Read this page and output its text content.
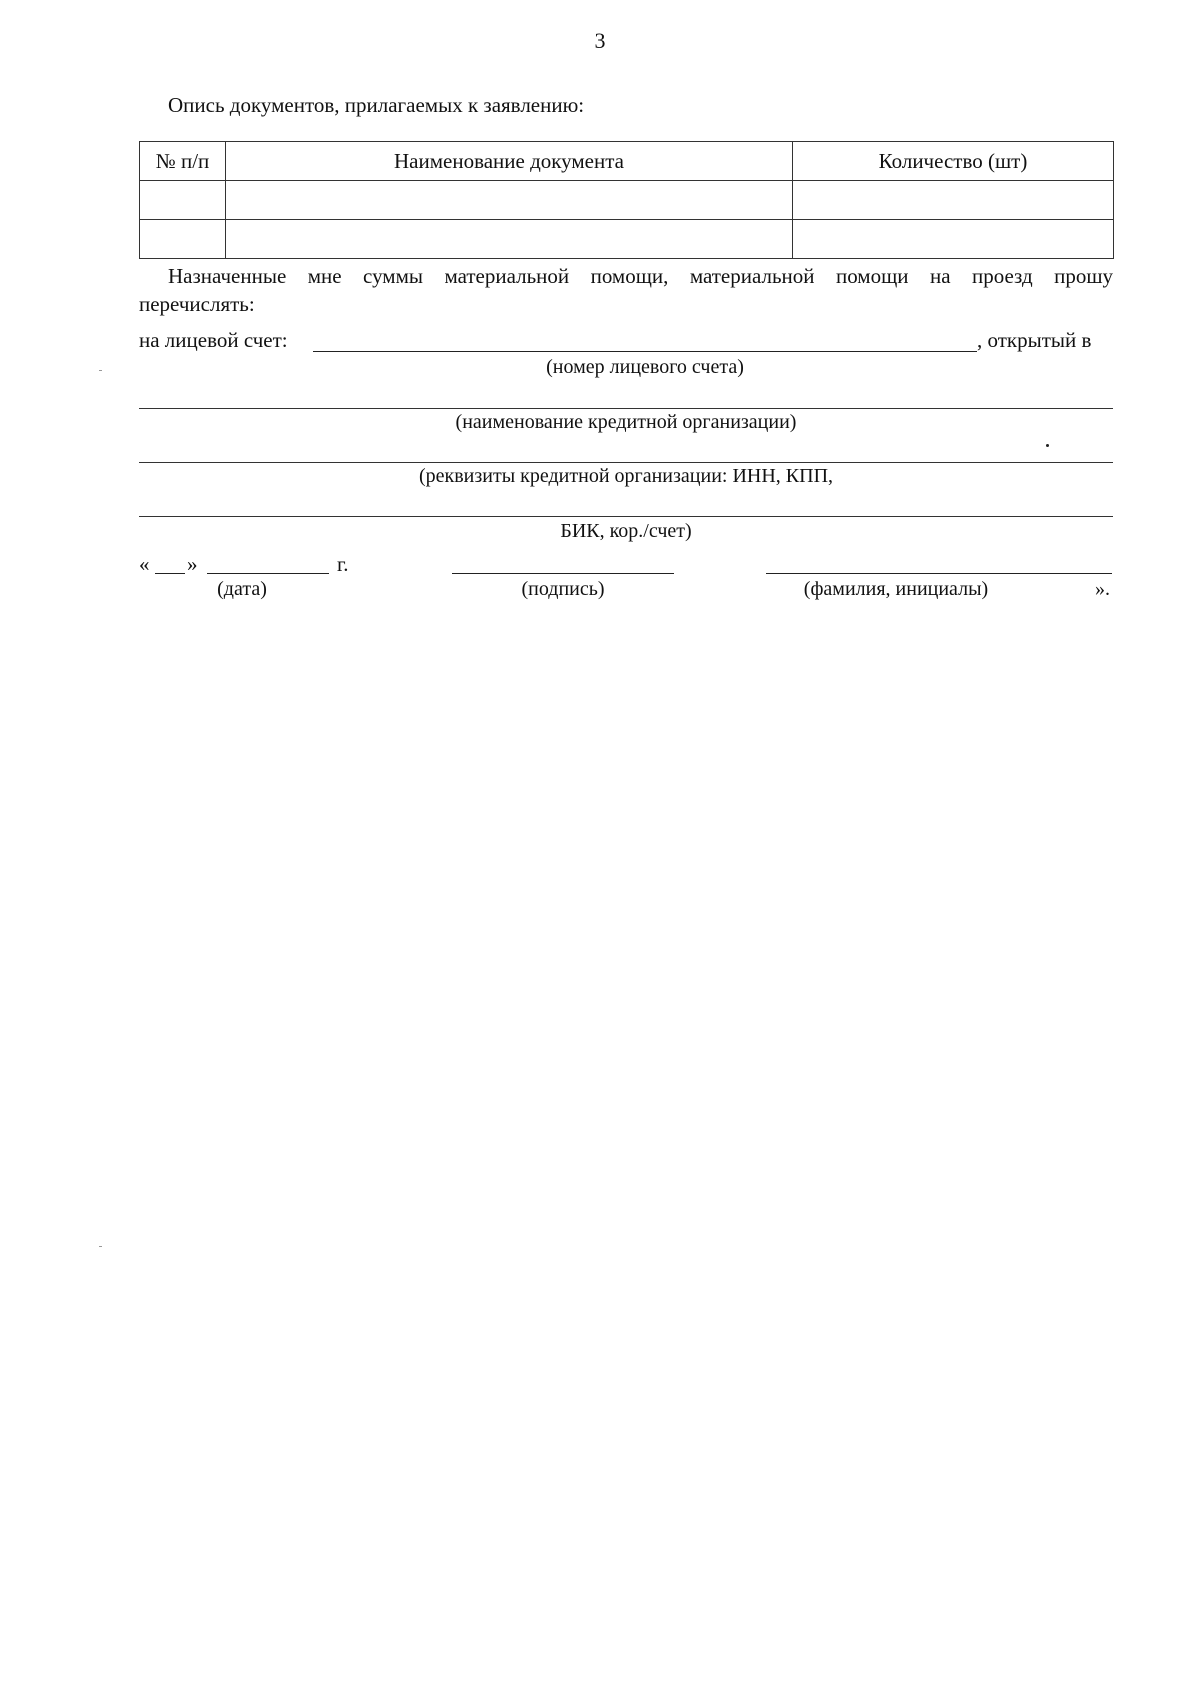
3
Опись документов, прилагаемых к заявлению:
№ п/п	Наименование документа	Количество (шт)

Назначенные мне суммы материальной помощи, материальной помощи на проезд прошу
перечислять:
на лицевой счет:	, открытый в
(номер лицевого счета)
(наименование кредитной организации)
(реквизиты кредитной организации: ИНН, КПП,
БИК, кор./счет)
« »	г.
(дата)	(подпись)	(фамилия, инициалы)	».
